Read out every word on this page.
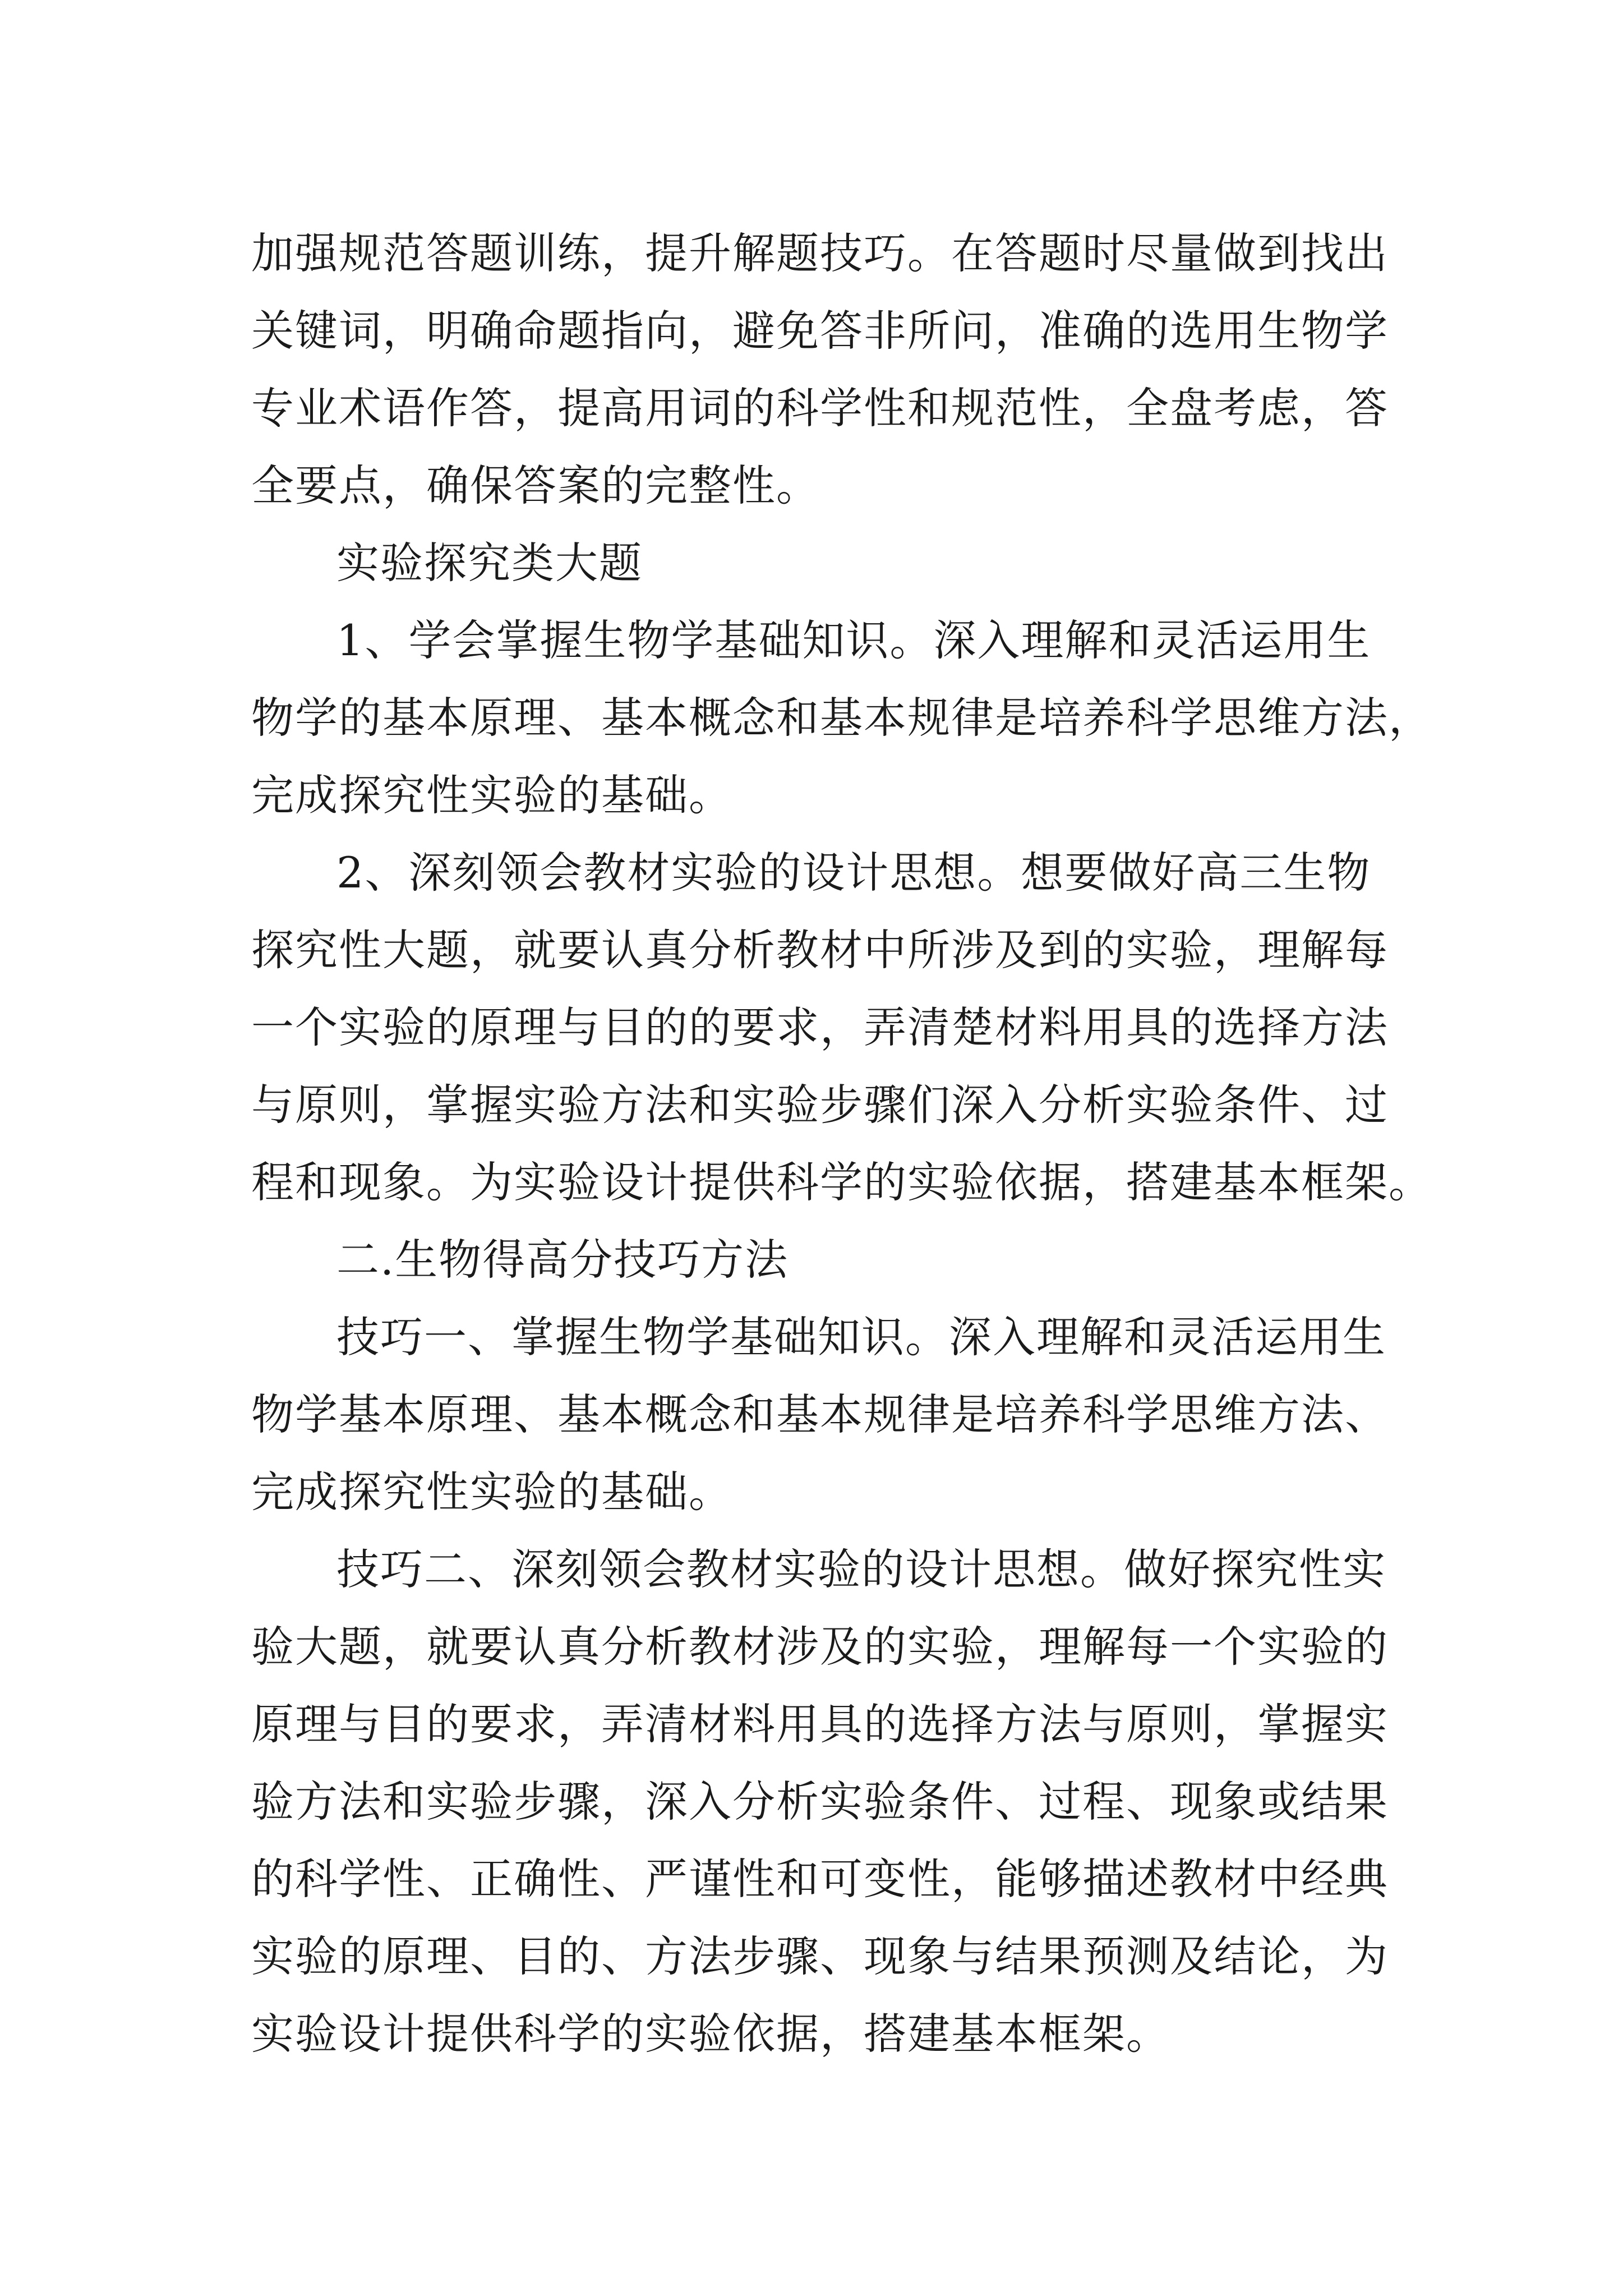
加强规范答题训练，提升解题技巧。在答题时尽量做到找出
关键词，明确命题指向，避免答非所问，准确的选用生物学
专业术语作答，提高用词的科学性和规范性，全盘考虑，答
全要点，确保答案的完整性。
实验探究类大题
1、学会掌握生物学基础知识。深入理解和灵活运用生
物学的基本原理、基本概念和基本规律是培养科学思维方法，
完成探究性实验的基础。
2、深刻领会教材实验的设计思想。想要做好高三生物
探究性大题，就要认真分析教材中所涉及到的实验，理解每
一个实验的原理与目的的要求，弄清楚材料用具的选择方法
与原则，掌握实验方法和实验步骤们深入分析实验条件、过
程和现象。为实验设计提供科学的实验依据，搭建基本框架。
二.生物得高分技巧方法
技巧一、掌握生物学基础知识。深入理解和灵活运用生
物学基本原理、基本概念和基本规律是培养科学思维方法、
完成探究性实验的基础。
技巧二、深刻领会教材实验的设计思想。做好探究性实
验大题，就要认真分析教材涉及的实验，理解每一个实验的
原理与目的要求，弄清材料用具的选择方法与原则，掌握实
验方法和实验步骤，深入分析实验条件、过程、现象或结果
的科学性、正确性、严谨性和可变性，能够描述教材中经典
实验的原理、目的、方法步骤、现象与结果预测及结论，为
实验设计提供科学的实验依据，搭建基本框架。
